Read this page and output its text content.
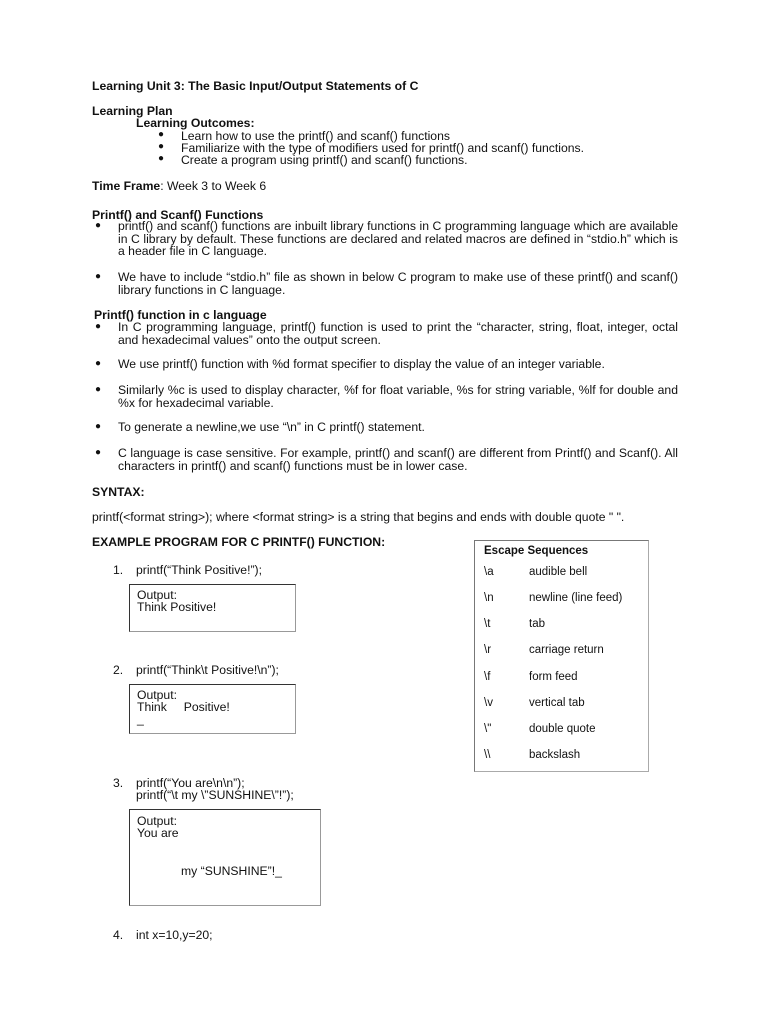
Learning Unit 3: The Basic Input/Output Statements of C
Learning Plan
Learning Outcomes:
● Learn how to use the printf() and scanf() functions
● Familiarize with the type of modifiers used for printf() and scanf() functions.
● Create a program using printf() and scanf() functions.
Time Frame: Week 3 to Week 6
Printf() and Scanf() Functions
● printf() and scanf() functions are inbuilt library functions in C programming language which are available in C library by default. These functions are declared and related macros are defined in “stdio.h” which is a header file in C language.
● We have to include “stdio.h” file as shown in below C program to make use of these printf() and scanf() library functions in C language.
Printf() function in c language
● In C programming language, printf() function is used to print the “character, string, float, integer, octal and hexadecimal values” onto the output screen.
● We use printf() function with %d format specifier to display the value of an integer variable.
● Similarly %c is used to display character, %f for float variable, %s for string variable, %lf for double and %x for hexadecimal variable.
● To generate a newline,we use “\n” in C printf() statement.
● C language is case sensitive. For example, printf() and scanf() are different from Printf() and Scanf(). All characters in printf() and scanf() functions must be in lower case.
SYNTAX:
printf(<format string>); where <format string> is a string that begins and ends with double quote " ".
EXAMPLE PROGRAM FOR C PRINTF() FUNCTION:
1. printf(“Think Positive!”);
Output:
Think Positive!
2. printf(“Think\t Positive!\n”);
Output:
Think     Positive!
_
3. printf(“You are\n\n”);
printf(“\t my \”SUNSHINE\”!”);
Output:
You are
my “SUNSHINE”!_
4. int x=10,y=20;
Escape Sequences
\a	audible bell
\n	newline (line feed)
\t	tab
\r	carriage return
\f	form feed
\v	vertical tab
\"	double quote
\\	backslash
